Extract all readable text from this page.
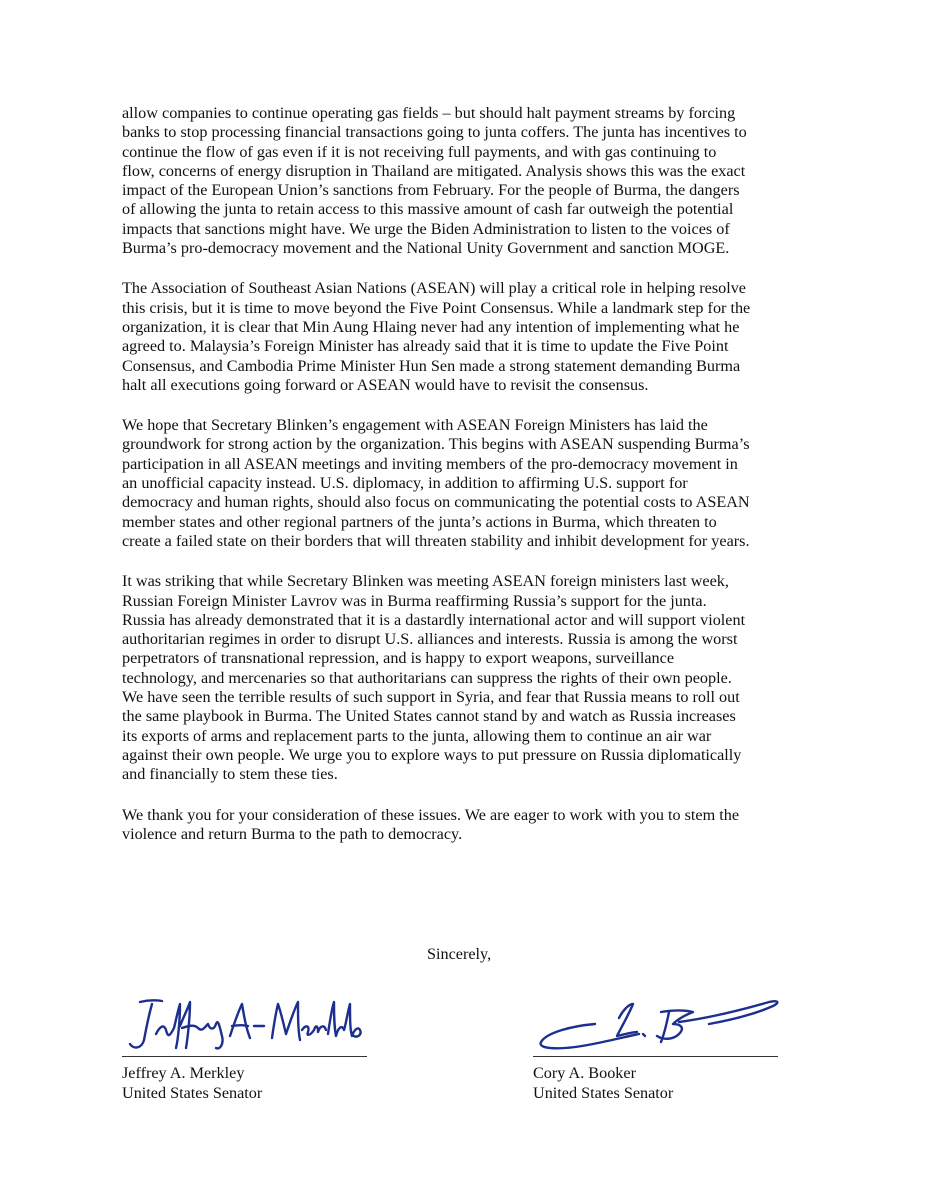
allow companies to continue operating gas fields – but should halt payment streams by forcing
banks to stop processing financial transactions going to junta coffers. The junta has incentives to
continue the flow of gas even if it is not receiving full payments, and with gas continuing to
flow, concerns of energy disruption in Thailand are mitigated. Analysis shows this was the exact
impact of the European Union’s sanctions from February. For the people of Burma, the dangers
of allowing the junta to retain access to this massive amount of cash far outweigh the potential
impacts that sanctions might have. We urge the Biden Administration to listen to the voices of
Burma’s pro-democracy movement and the National Unity Government and sanction MOGE.

The Association of Southeast Asian Nations (ASEAN) will play a critical role in helping resolve
this crisis, but it is time to move beyond the Five Point Consensus. While a landmark step for the
organization, it is clear that Min Aung Hlaing never had any intention of implementing what he
agreed to. Malaysia’s Foreign Minister has already said that it is time to update the Five Point
Consensus, and Cambodia Prime Minister Hun Sen made a strong statement demanding Burma
halt all executions going forward or ASEAN would have to revisit the consensus.

We hope that Secretary Blinken’s engagement with ASEAN Foreign Ministers has laid the
groundwork for strong action by the organization. This begins with ASEAN suspending Burma’s
participation in all ASEAN meetings and inviting members of the pro-democracy movement in
an unofficial capacity instead. U.S. diplomacy, in addition to affirming U.S. support for
democracy and human rights, should also focus on communicating the potential costs to ASEAN
member states and other regional partners of the junta’s actions in Burma, which threaten to
create a failed state on their borders that will threaten stability and inhibit development for years.

It was striking that while Secretary Blinken was meeting ASEAN foreign ministers last week,
Russian Foreign Minister Lavrov was in Burma reaffirming Russia’s support for the junta.
Russia has already demonstrated that it is a dastardly international actor and will support violent
authoritarian regimes in order to disrupt U.S. alliances and interests. Russia is among the worst
perpetrators of transnational repression, and is happy to export weapons, surveillance
technology, and mercenaries so that authoritarians can suppress the rights of their own people.
We have seen the terrible results of such support in Syria, and fear that Russia means to roll out
the same playbook in Burma. The United States cannot stand by and watch as Russia increases
its exports of arms and replacement parts to the junta, allowing them to continue an air war
against their own people. We urge you to explore ways to put pressure on Russia diplomatically
and financially to stem these ties.

We thank you for your consideration of these issues. We are eager to work with you to stem the
violence and return Burma to the path to democracy.

Sincerely,
Jeffrey A. Merkley
United States Senator
Cory A. Booker
United States Senator
